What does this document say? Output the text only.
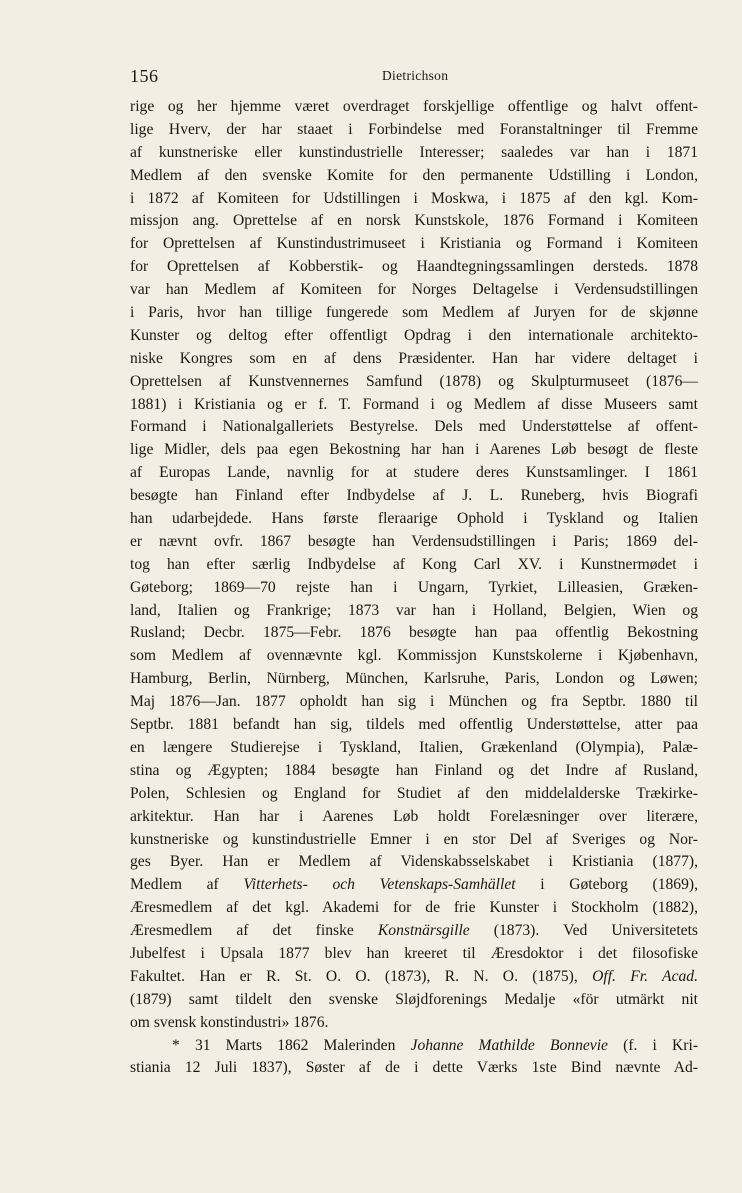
156	Dietrichson
rige og her hjemme været overdraget forskjellige offentlige og halvt offent-
lige Hverv, der har staaet i Forbindelse med Foranstaltninger til Fremme
af kunstneriske eller kunstindustrielle Interesser; saaledes var han i 1871
Medlem af den svenske Komite for den permanente Udstilling i London,
i 1872 af Komiteen for Udstillingen i Moskwa, i 1875 af den kgl. Kom-
missjon ang. Oprettelse af en norsk Kunstskole, 1876 Formand i Komiteen
for Oprettelsen af Kunstindustrimuseet i Kristiania og Formand i Komiteen
for Oprettelsen af Kobberstik- og Haandtegningssamlingen dersteds. 1878
var han Medlem af Komiteen for Norges Deltagelse i Verdensudstillingen
i Paris, hvor han tillige fungerede som Medlem af Juryen for de skjønne
Kunster og deltog efter offentligt Opdrag i den internationale architekto-
niske Kongres som en af dens Præsidenter. Han har videre deltaget i
Oprettelsen af Kunstvennernes Samfund (1878) og Skulpturmuseet (1876—
1881) i Kristiania og er f. T. Formand i og Medlem af disse Museers samt
Formand i Nationalgalleriets Bestyrelse. Dels med Understøttelse af offent-
lige Midler, dels paa egen Bekostning har han i Aarenes Løb besøgt de fleste
af Europas Lande, navnlig for at studere deres Kunstsamlinger. I 1861
besøgte han Finland efter Indbydelse af J. L. Runeberg, hvis Biografi
han udarbejdede. Hans første fleraarige Ophold i Tyskland og Italien
er nævnt ovfr. 1867 besøgte han Verdensudstillingen i Paris; 1869 del-
tog han efter særlig Indbydelse af Kong Carl XV. i Kunstnermødet i
Gøteborg; 1869—70 rejste han i Ungarn, Tyrkiet, Lilleasien, Græken-
land, Italien og Frankrige; 1873 var han i Holland, Belgien, Wien og
Rusland; Decbr. 1875—Febr. 1876 besøgte han paa offentlig Bekostning
som Medlem af ovennævnte kgl. Kommissjon Kunstskolerne i Kjøbenhavn,
Hamburg, Berlin, Nürnberg, München, Karlsruhe, Paris, London og Løwen;
Maj 1876—Jan. 1877 opholdt han sig i München og fra Septbr. 1880 til
Septbr. 1881 befandt han sig, tildels med offentlig Understøttelse, atter paa
en længere Studierejse i Tyskland, Italien, Grækenland (Olympia), Palæ-
stina og Ægypten; 1884 besøgte han Finland og det Indre af Rusland,
Polen, Schlesien og England for Studiet af den middelalderske Trækirke-
arkitektur. Han har i Aarenes Løb holdt Forelæsninger over literære,
kunstneriske og kunstindustrielle Emner i en stor Del af Sveriges og Nor-
ges Byer. Han er Medlem af Videnskabsselskabet i Kristiania (1877),
Medlem af Vitterhets- och Vetenskaps-Samhället i Gøteborg (1869),
Æresmedlem af det kgl. Akademi for de frie Kunster i Stockholm (1882),
Æresmedlem af det finske Konstnärsgille (1873). Ved Universitetets
Jubelfest i Upsala 1877 blev han kreeret til Æresdoktor i det filosofiske
Fakultet. Han er R. St. O. O. (1873), R. N. O. (1875), Off. Fr. Acad.
(1879) samt tildelt den svenske Sløjdforenings Medalje «för utmärkt nit
om svensk konstindustri» 1876.
* 31 Marts 1862 Malerinden Johanne Mathilde Bonnevie (f. i Kri-
stiania 12 Juli 1837), Søster af de i dette Værks 1ste Bind nævnte Ad-
